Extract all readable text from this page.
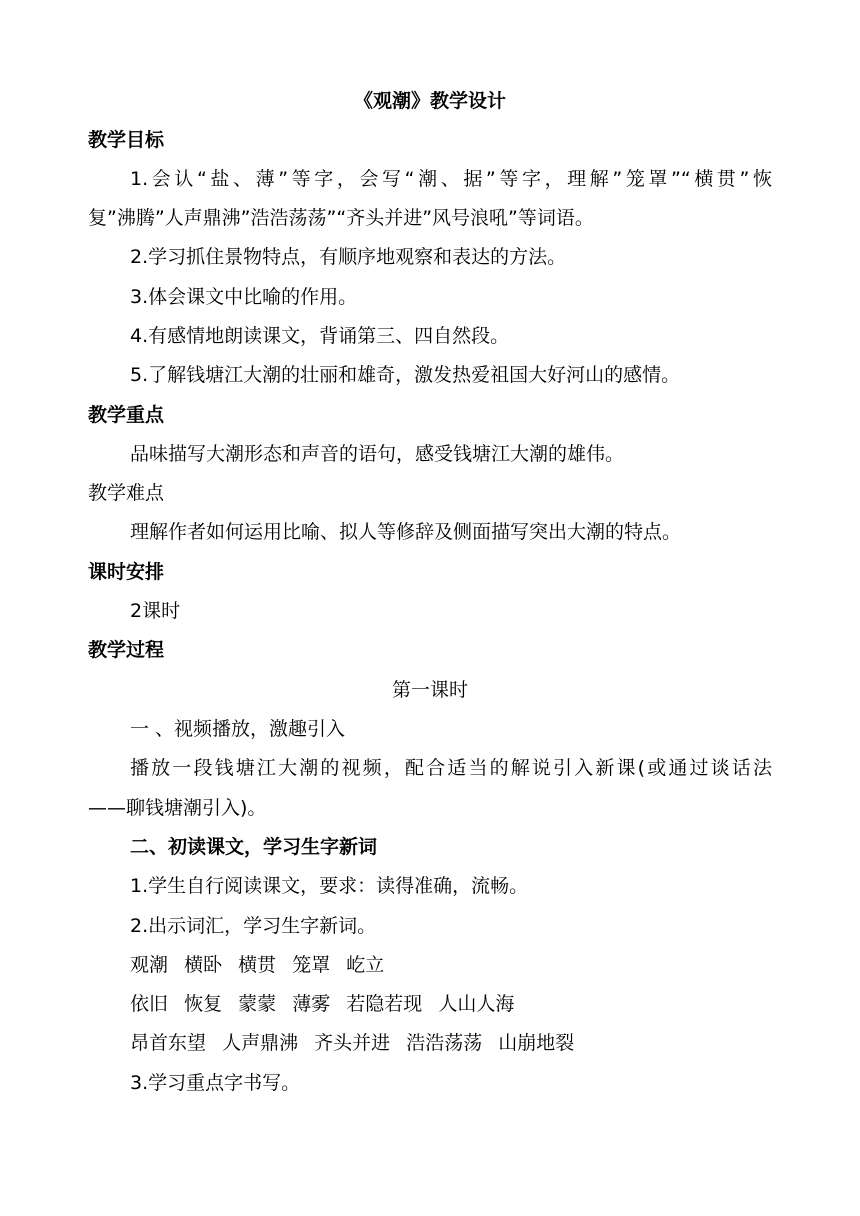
《观潮》教学设计
教学目标
1.会认“盐、薄”等字，会写“潮、据”等字，理解”笼罩”“横贯”恢
复”沸腾”人声鼎沸”浩浩荡荡”“齐头并进”风号浪吼”等词语。
2.学习抓住景物特点，有顺序地观察和表达的方法。
3.体会课文中比喻的作用。
4.有感情地朗读课文，背诵第三、四自然段。
5.了解钱塘江大潮的壮丽和雄奇，激发热爱祖国大好河山的感情。
教学重点
品味描写大潮形态和声音的语句，感受钱塘江大潮的雄伟。
教学难点
理解作者如何运用比喻、拟人等修辞及侧面描写突出大潮的特点。
课时安排
2课时
教学过程
第一课时
一 、视频播放，激趣引入
播放一段钱塘江大潮的视频，配合适当的解说引入新课(或通过谈话法
——聊钱塘潮引入)。
二、初读课文，学习生字新词
1.学生自行阅读课文，要求：读得准确，流畅。
2.出示词汇，学习生字新词。
观潮 横卧 横贯 笼罩 屹立
依旧 恢复 蒙蒙 薄雾 若隐若现 人山人海
昂首东望 人声鼎沸 齐头并进 浩浩荡荡 山崩地裂
3.学习重点字书写。
